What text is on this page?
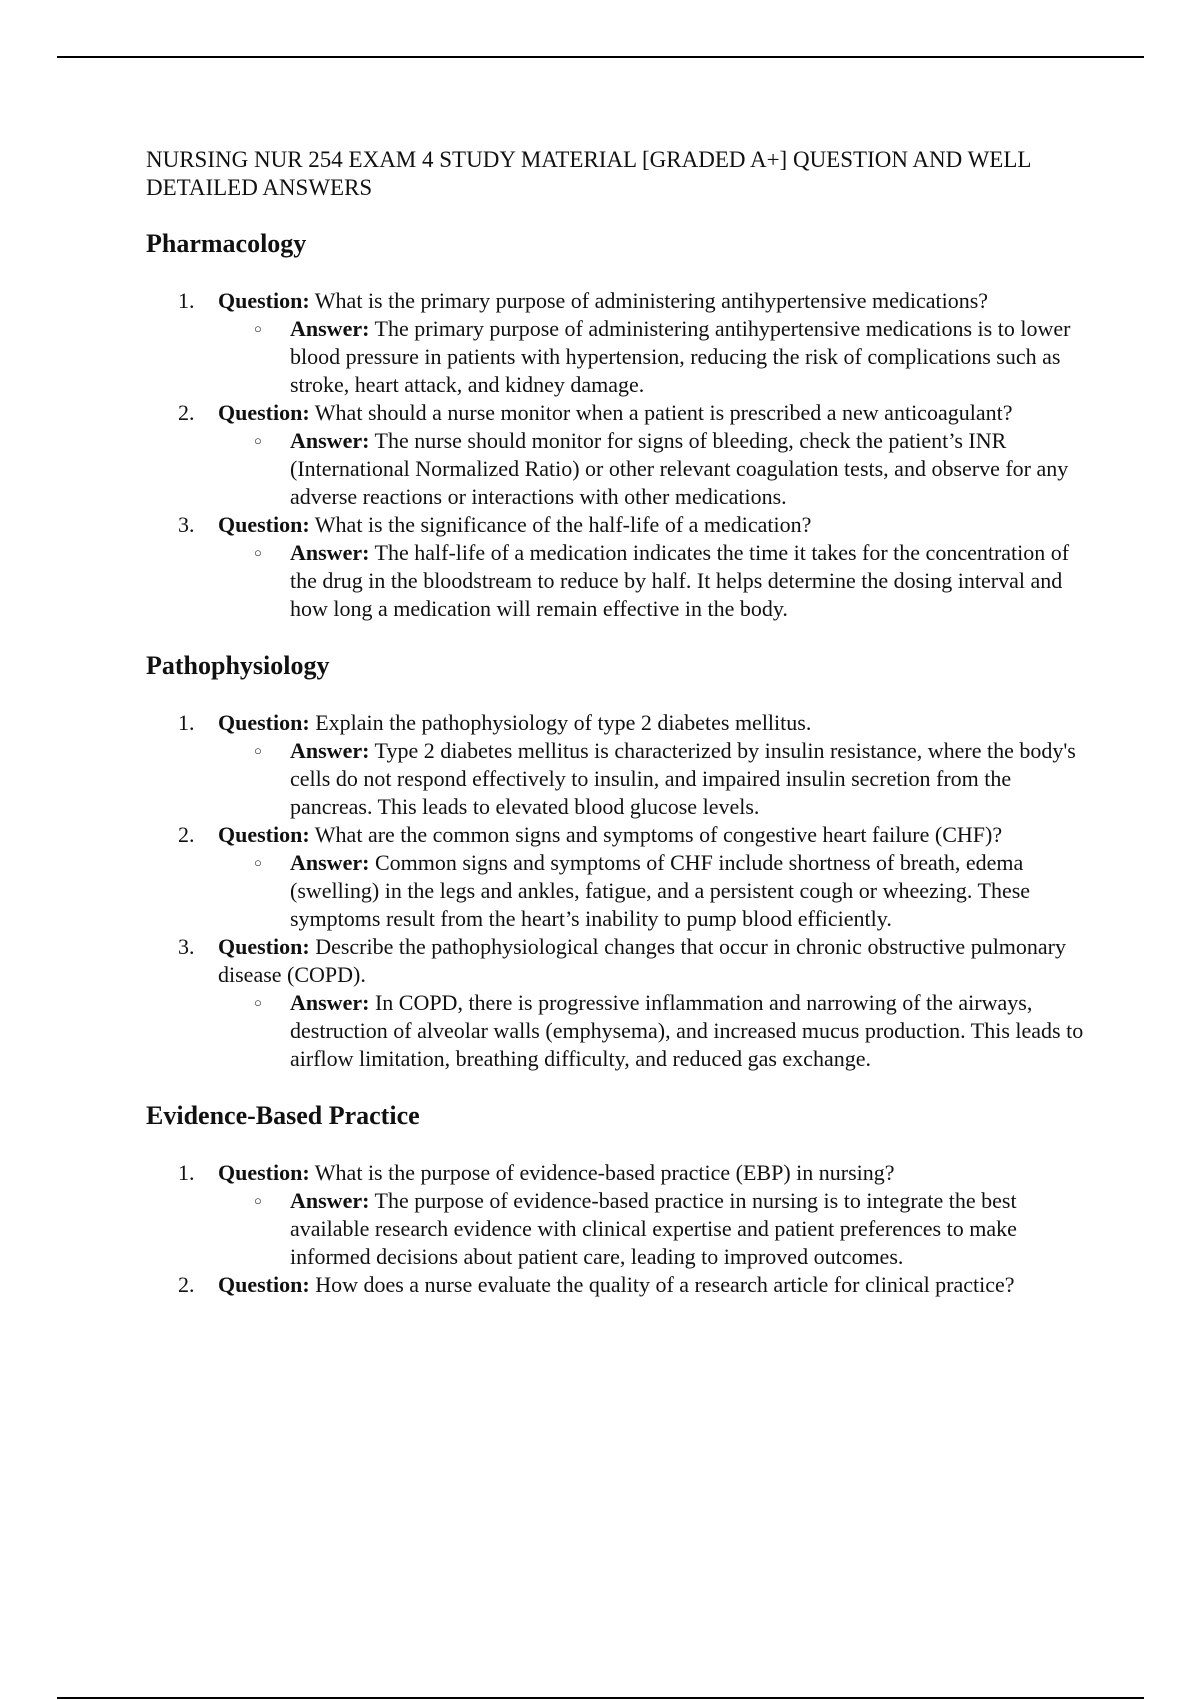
NURSING NUR 254 EXAM 4 STUDY MATERIAL [GRADED A+] QUESTION AND WELL DETAILED ANSWERS

Pharmacology
1. Question: What is the primary purpose of administering antihypertensive medications?
○ Answer: The primary purpose of administering antihypertensive medications is to lower blood pressure in patients with hypertension, reducing the risk of complications such as stroke, heart attack, and kidney damage.
2. Question: What should a nurse monitor when a patient is prescribed a new anticoagulant?
○ Answer: The nurse should monitor for signs of bleeding, check the patient’s INR (International Normalized Ratio) or other relevant coagulation tests, and observe for any adverse reactions or interactions with other medications.
3. Question: What is the significance of the half-life of a medication?
○ Answer: The half-life of a medication indicates the time it takes for the concentration of the drug in the bloodstream to reduce by half. It helps determine the dosing interval and how long a medication will remain effective in the body.
Pathophysiology
1. Question: Explain the pathophysiology of type 2 diabetes mellitus.
○ Answer: Type 2 diabetes mellitus is characterized by insulin resistance, where the body's cells do not respond effectively to insulin, and impaired insulin secretion from the pancreas. This leads to elevated blood glucose levels.
2. Question: What are the common signs and symptoms of congestive heart failure (CHF)?
○ Answer: Common signs and symptoms of CHF include shortness of breath, edema (swelling) in the legs and ankles, fatigue, and a persistent cough or wheezing. These symptoms result from the heart’s inability to pump blood efficiently.
3. Question: Describe the pathophysiological changes that occur in chronic obstructive pulmonary disease (COPD).
○ Answer: In COPD, there is progressive inflammation and narrowing of the airways, destruction of alveolar walls (emphysema), and increased mucus production. This leads to airflow limitation, breathing difficulty, and reduced gas exchange.
Evidence-Based Practice
1. Question: What is the purpose of evidence-based practice (EBP) in nursing?
○ Answer: The purpose of evidence-based practice in nursing is to integrate the best available research evidence with clinical expertise and patient preferences to make informed decisions about patient care, leading to improved outcomes.
2. Question: How does a nurse evaluate the quality of a research article for clinical practice?
